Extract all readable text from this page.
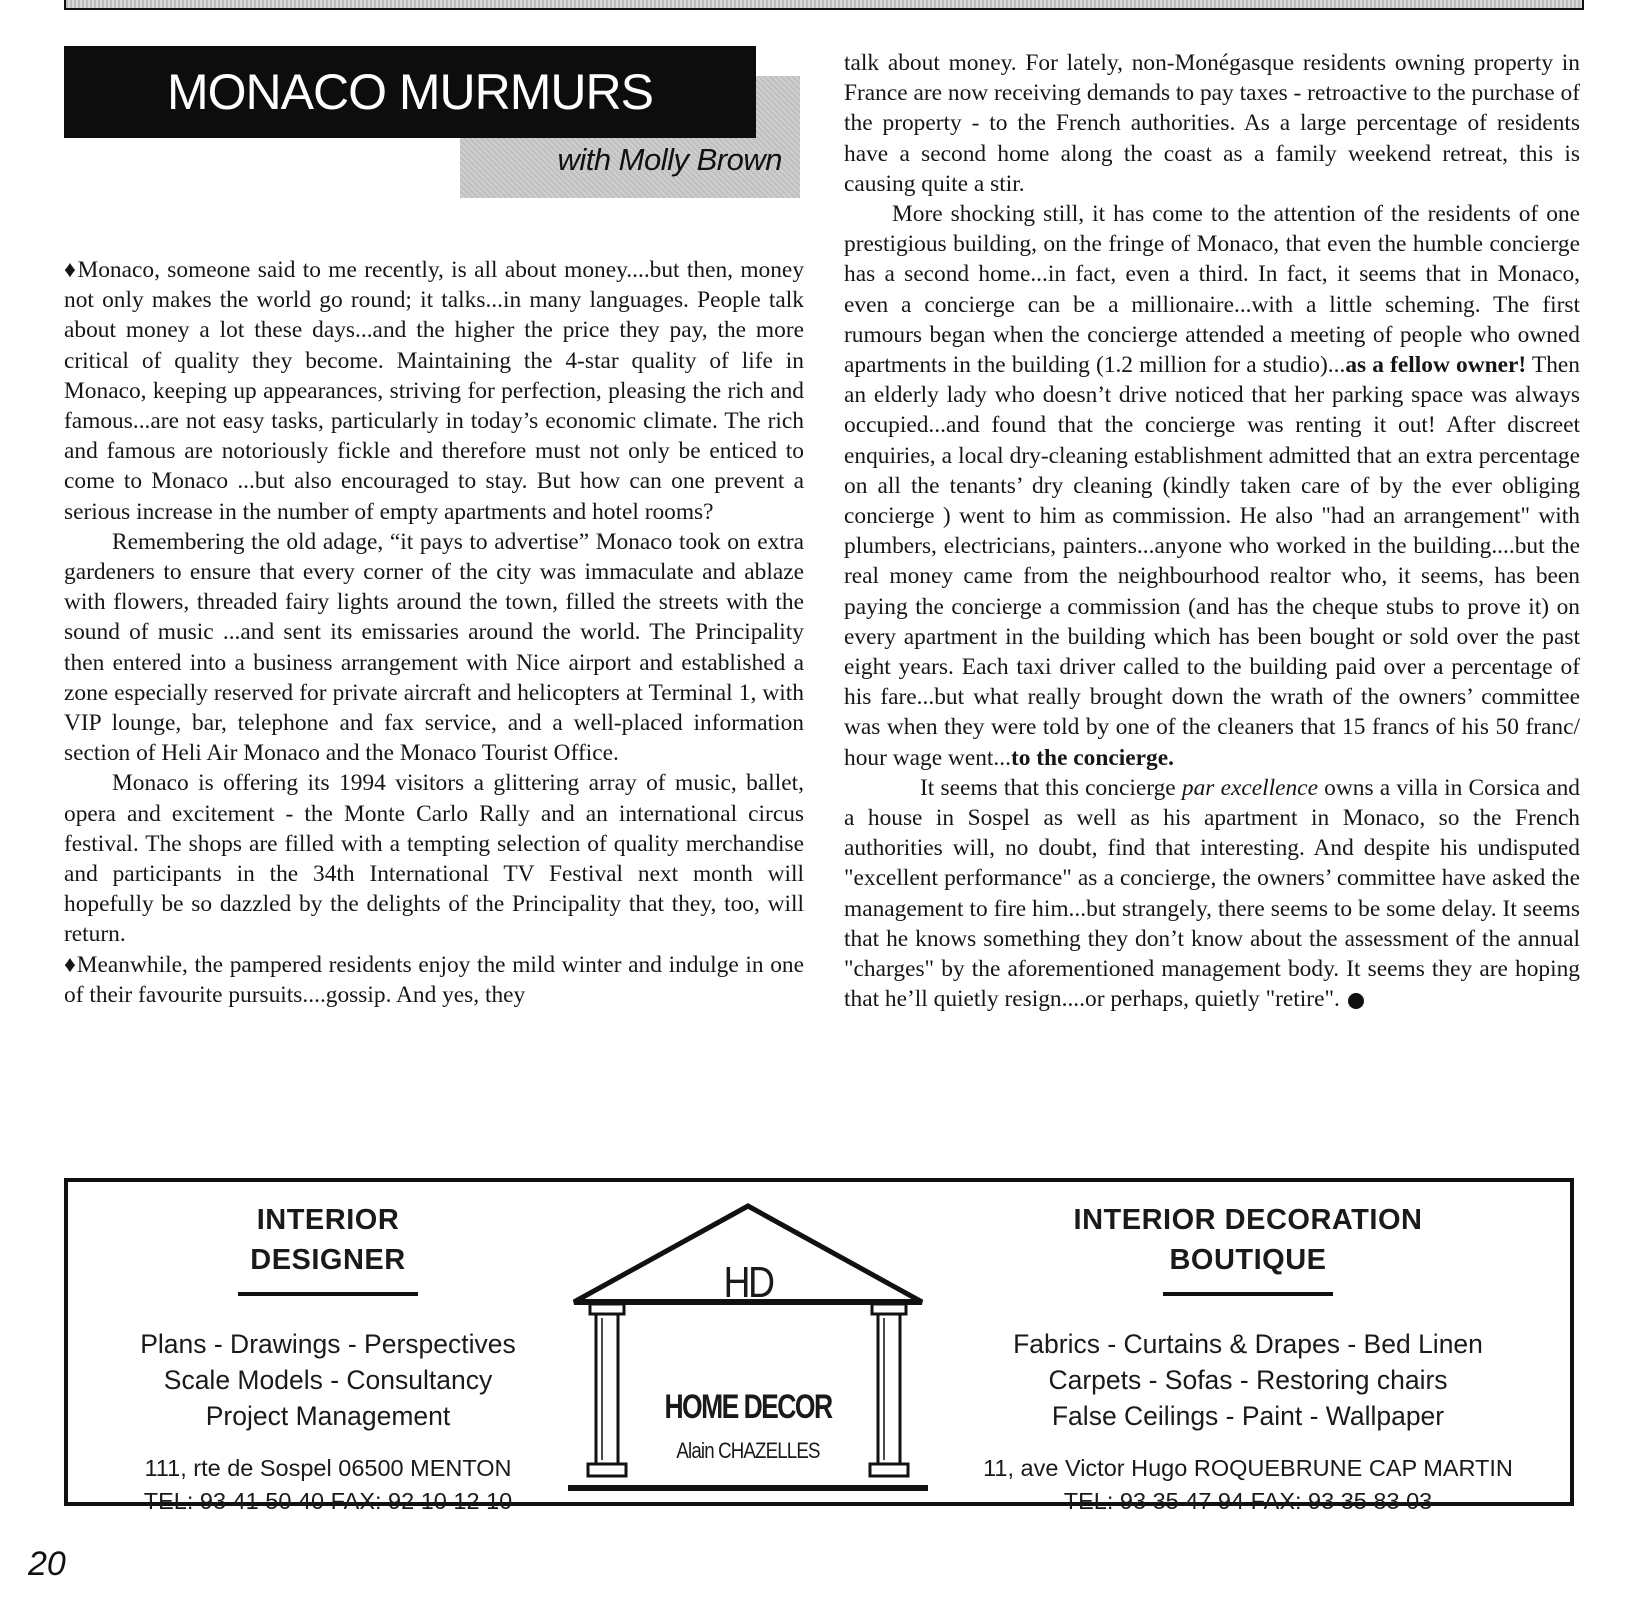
MONACO MURMURS
with Molly Brown

♦Monaco, someone said to me recently, is all about money....but then, money not only makes the world go round; it talks...in many languages. People talk about money a lot these days...and the higher the price they pay, the more critical of quality they become. Maintaining the 4-star quality of life in Monaco, keeping up appearances, striving for perfection, pleasing the rich and famous...are not easy tasks, particularly in today’s economic climate. The rich and famous are notoriously fickle and therefore must not only be enticed to come to Monaco ...but also encouraged to stay. But how can one prevent a serious increase in the number of empty apartments and hotel rooms?

Remembering the old adage, “it pays to advertise” Monaco took on extra gardeners to ensure that every corner of the city was immaculate and ablaze with flowers, threaded fairy lights around the town, filled the streets with the sound of music ...and sent its emissaries around the world. The Principality then entered into a business arrangement with Nice airport and established a zone especially reserved for private aircraft and helicopters at Terminal 1, with VIP lounge, bar, telephone and fax service, and a well-placed information section of Heli Air Monaco and the Monaco Tourist Office.

Monaco is offering its 1994 visitors a glittering array of music, ballet, opera and excitement - the Monte Carlo Rally and an international circus festival. The shops are filled with a tempting selection of quality merchandise and participants in the 34th International TV Festival next month will hopefully be so dazzled by the delights of the Principality that they, too, will return.

♦Meanwhile, the pampered residents enjoy the mild winter and indulge in one of their favourite pursuits....gossip. And yes, they

talk about money. For lately, non-Monégasque residents owning property in France are now receiving demands to pay taxes - retroactive to the purchase of the property - to the French authorities. As a large percentage of residents have a second home along the coast as a family weekend retreat, this is causing quite a stir.

More shocking still, it has come to the attention of the residents of one prestigious building, on the fringe of Monaco, that even the humble concierge has a second home...in fact, even a third. In fact, it seems that in Monaco, even a concierge can be a millionaire...with a little scheming. The first rumours began when the concierge attended a meeting of people who owned apartments in the building (1.2 million for a studio)...as a fellow owner! Then an elderly lady who doesn’t drive noticed that her parking space was always occupied...and found that the concierge was renting it out! After discreet enquiries, a local dry-cleaning establishment admitted that an extra percentage on all the tenants’ dry cleaning (kindly taken care of by the ever obliging concierge ) went to him as commission. He also "had an arrangement" with plumbers, electricians, painters...anyone who worked in the building....but the real money came from the neighbourhood realtor who, it seems, has been paying the concierge a commission (and has the cheque stubs to prove it) on every apartment in the building which has been bought or sold over the past eight years. Each taxi driver called to the building paid over a percentage of his fare...but what really brought down the wrath of the owners’ committee was when they were told by one of the cleaners that 15 francs of his 50 franc/ hour wage went...to the concierge.

It seems that this concierge par excellence owns a villa in Corsica and a house in Sospel as well as his apartment in Monaco, so the French authorities will, no doubt, find that interesting. And despite his undisputed "excellent performance" as a concierge, the owners’ committee have asked the management to fire him...but strangely, there seems to be some delay. It seems that he knows something they don’t know about the assessment of the annual "charges" by the aforementioned management body. It seems they are hoping that he’ll quietly resign....or perhaps, quietly "retire".

INTERIOR
DESIGNER
Plans - Drawings - Perspectives
Scale Models - Consultancy
Project Management
111, rte de Sospel 06500 MENTON
TEL: 93 41 50 40 FAX: 92 10 12 10
HD
HOME DECOR
Alain CHAZELLES
INTERIOR DECORATION
BOUTIQUE
Fabrics - Curtains & Drapes - Bed Linen
Carpets - Sofas - Restoring chairs
False Ceilings - Paint - Wallpaper
11, ave Victor Hugo ROQUEBRUNE CAP MARTIN
TEL: 93 35 47 94 FAX: 93 35 83 03
20
